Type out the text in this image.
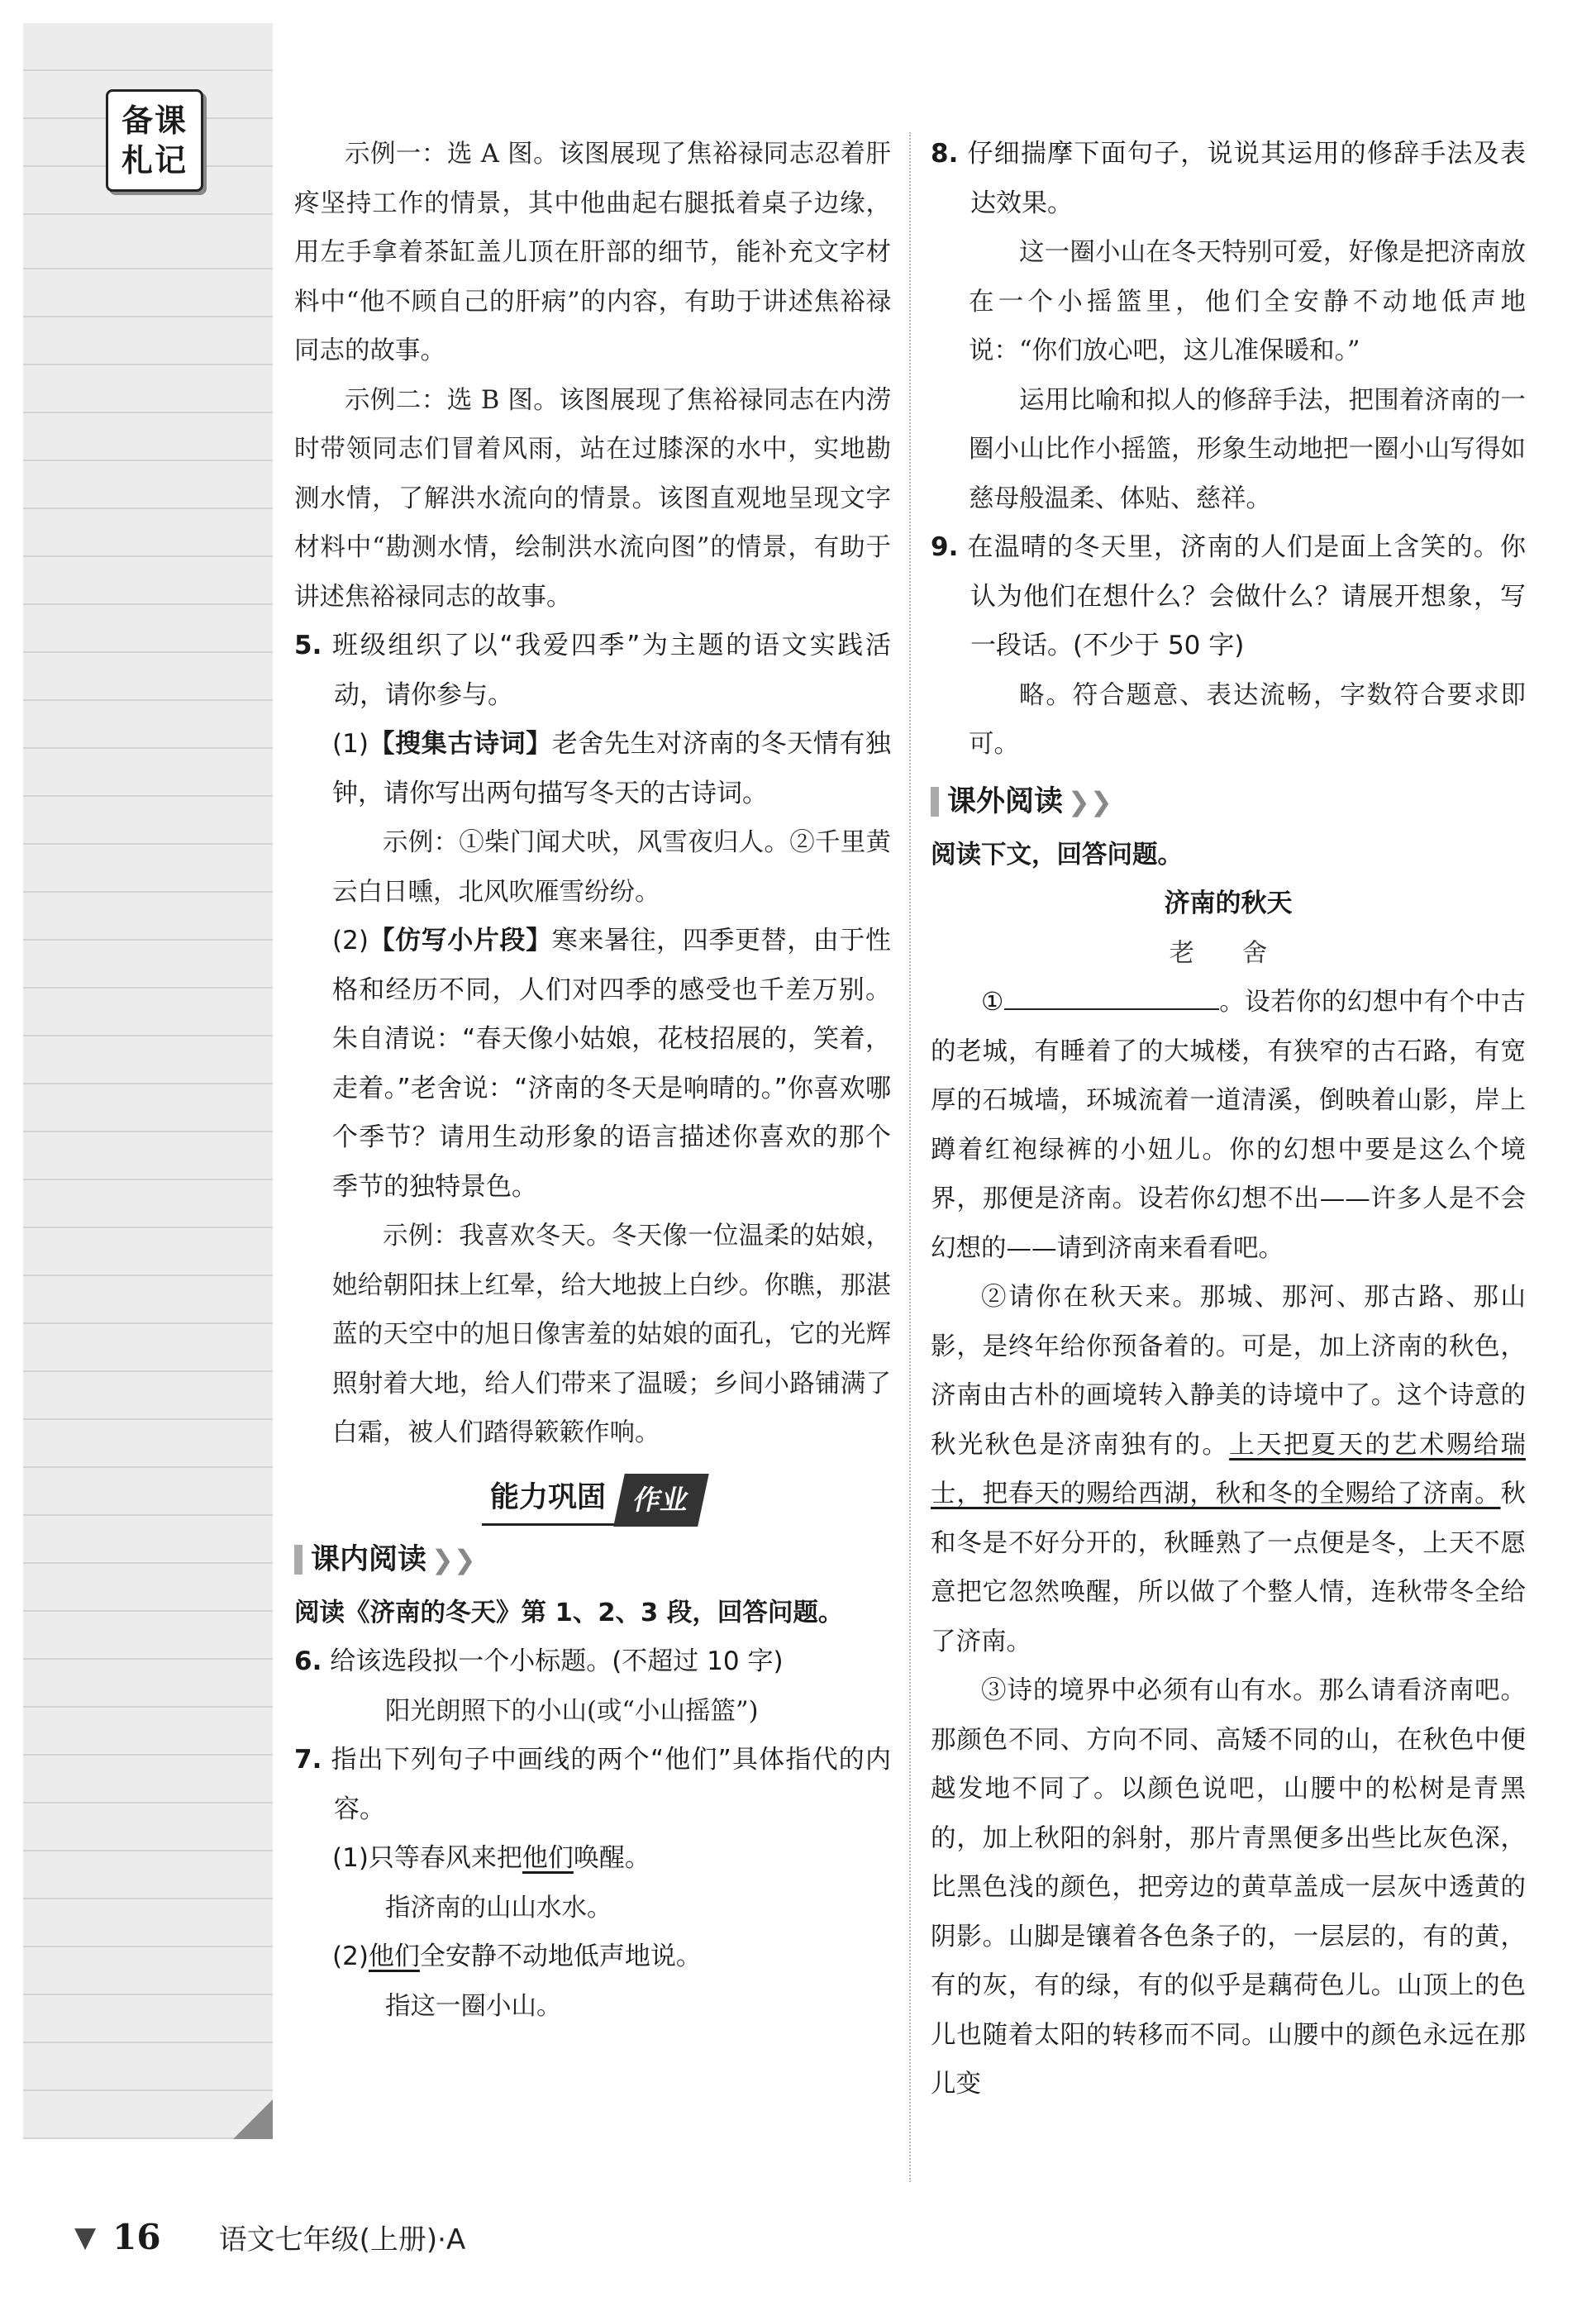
备课
札记	示例一：选 A 图。该图展现了焦裕禄同志忍着肝疼坚持工作的情景，其中他曲起右腿抵着桌子边缘，用左手拿着茶缸盖儿顶在肝部的细节，能补充文字材料中“他不顾自己的肝病”的内容，有助于讲述焦裕禄同志的故事。

示例二：选 B 图。该图展现了焦裕禄同志在内涝时带领同志们冒着风雨，站在过膝深的水中，实地勘测水情，了解洪水流向的情景。该图直观地呈现文字材料中“勘测水情，绘制洪水流向图”的情景，有助于讲述焦裕禄同志的故事。

5. 班级组织了以“我爱四季”为主题的语文实践活动，请你参与。

(1)【搜集古诗词】老舍先生对济南的冬天情有独钟，请你写出两句描写冬天的古诗词。

示例：①柴门闻犬吠，风雪夜归人。②千里黄云白日曛，北风吹雁雪纷纷。

(2)【仿写小片段】寒来暑往，四季更替，由于性格和经历不同，人们对四季的感受也千差万别。朱自清说：“春天像小姑娘，花枝招展的，笑着，走着。”老舍说：“济南的冬天是响晴的。”你喜欢哪个季节？请用生动形象的语言描述你喜欢的那个季节的独特景色。

示例：我喜欢冬天。冬天像一位温柔的姑娘，她给朝阳抹上红晕，给大地披上白纱。你瞧，那湛蓝的天空中的旭日像害羞的姑娘的面孔，它的光辉照射着大地，给人们带来了温暖；乡间小路铺满了白霜，被人们踏得簌簌作响。

能力巩固 作业
课内阅读 ❯❯

阅读《济南的冬天》第 1、2、3 段，回答问题。

6. 给该选段拟一个小标题。(不超过 10 字)

阳光朗照下的小山(或“小山摇篮”)

7. 指出下列句子中画线的两个“他们”具体指代的内容。

(1)只等春风来把他们唤醒。

指济南的山山水水。

(2)他们全安静不动地低声地说。

指这一圈小山。

8. 仔细揣摩下面句子，说说其运用的修辞手法及表达效果。

这一圈小山在冬天特别可爱，好像是把济南放在一个小摇篮里，他们全安静不动地低声地说：“你们放心吧，这儿准保暖和。”

运用比喻和拟人的修辞手法，把围着济南的一圈小山比作小摇篮，形象生动地把一圈小山写得如慈母般温柔、体贴、慈祥。

9. 在温晴的冬天里，济南的人们是面上含笑的。你认为他们在想什么？会做什么？请展开想象，写一段话。(不少于 50 字)

略。符合题意、表达流畅，字数符合要求即可。

课外阅读 ❯❯

阅读下文，回答问题。

济南的秋天

老 舍

①	。设若你的幻想中有个中古的老城，有睡着了的大城楼，有狭窄的古石路，有宽厚的石城墙，环城流着一道清溪，倒映着山影，岸上蹲着红袍绿裤的小妞儿。你的幻想中要是这么个境界，那便是济南。设若你幻想不出——许多人是不会幻想的——请到济南来看看吧。

②请你在秋天来。那城、那河、那古路、那山影，是终年给你预备着的。可是，加上济南的秋色，济南由古朴的画境转入静美的诗境中了。这个诗意的秋光秋色是济南独有的。上天把夏天的艺术赐给瑞士，把春天的赐给西湖，秋和冬的全赐给了济南。秋和冬是不好分开的，秋睡熟了一点便是冬，上天不愿意把它忽然唤醒，所以做了个整人情，连秋带冬全给了济南。

③诗的境界中必须有山有水。那么请看济南吧。那颜色不同、方向不同、高矮不同的山，在秋色中便越发地不同了。以颜色说吧，山腰中的松树是青黑的，加上秋阳的斜射，那片青黑便多出些比灰色深，比黑色浅的颜色，把旁边的黄草盖成一层灰中透黄的阴影。山脚是镶着各色条子的，一层层的，有的黄，有的灰，有的绿，有的似乎是藕荷色儿。山顶上的色儿也随着太阳的转移而不同。山腰中的颜色永远在那儿变

▼ 16 语文七年级(上册)·A
